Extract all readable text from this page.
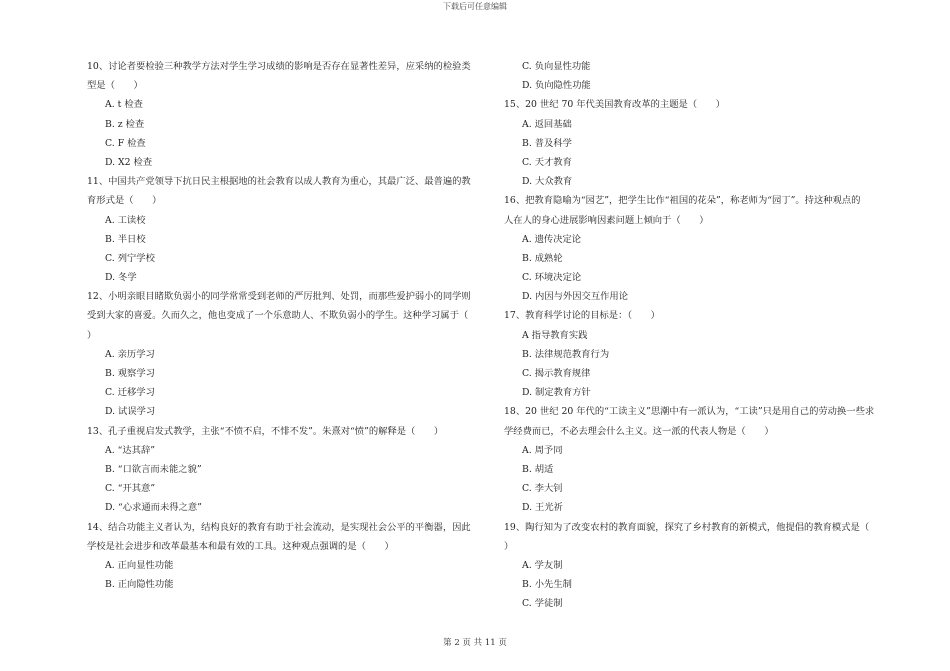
下载后可任意编辑
10、讨论者要检验三种教学方法对学生学习成绩的影响是否存在显著性差异，应采纳的检验类
型是（　　）
A. t 检查
B. z 检查
C. F 检查
D. X2 检查
11、中国共产党领导下抗日民主根据地的社会教育以成人教育为重心，其最广泛、最普遍的教
育形式是（　　）
A. 工读校
B. 半日校
C. 列宁学校
D. 冬学
12、小明亲眼目睹欺负弱小的同学常常受到老师的严厉批判、处罚，而那些爱护弱小的同学则
受到大家的喜爱。久而久之，他也变成了一个乐意助人、不欺负弱小的学生。这种学习属于（
）
A. 亲历学习
B. 观察学习
C. 迁移学习
D. 试误学习
13、孔子重视启发式教学，主张“不愤不启，不悱不发”。朱熹对“愤”的解释是（　　）
A. “达其辞”
B. “口欲言而未能之貌”
C. “开其意”
D. “心求通而未得之意”
14、结合功能主义者认为，结构良好的教育有助于社会流动，是实现社会公平的平衡器，因此
学校是社会进步和改革最基本和最有效的工具。这种观点强调的是（　　）
A. 正向显性功能
B. 正向隐性功能
C. 负向显性功能
D. 负向隐性功能
15、20 世纪 70 年代美国教育改革的主题是（　　）
A. 返回基础
B. 普及科学
C. 天才教育
D. 大众教育
16、把教育隐喻为“园艺”，把学生比作“祖国的花朵”，称老师为“园丁”。持这种观点的
人在人的身心进展影响因素问题上倾向于（　　）
A. 遗传决定论
B. 成熟轮
C. 环境决定论
D. 内因与外因交互作用论
17、教育科学讨论的目标是：（　　）
A 指导教育实践
B. 法律规范教育行为
C. 揭示教育规律
D. 制定教育方针
18、20 世纪 20 年代的“工读主义”思潮中有一派认为，“工读”只是用自己的劳动换一些求
学经费而已，不必去理会什么主义。这一派的代表人物是（　　）
A. 周予同
B. 胡适
C. 李大钊
D. 王光祈
19、陶行知为了改变农村的教育面貌，探究了乡村教育的新模式，他提倡的教育模式是（
）
A. 学友制
B. 小先生制
C. 学徒制
第 2 页 共 11 页
